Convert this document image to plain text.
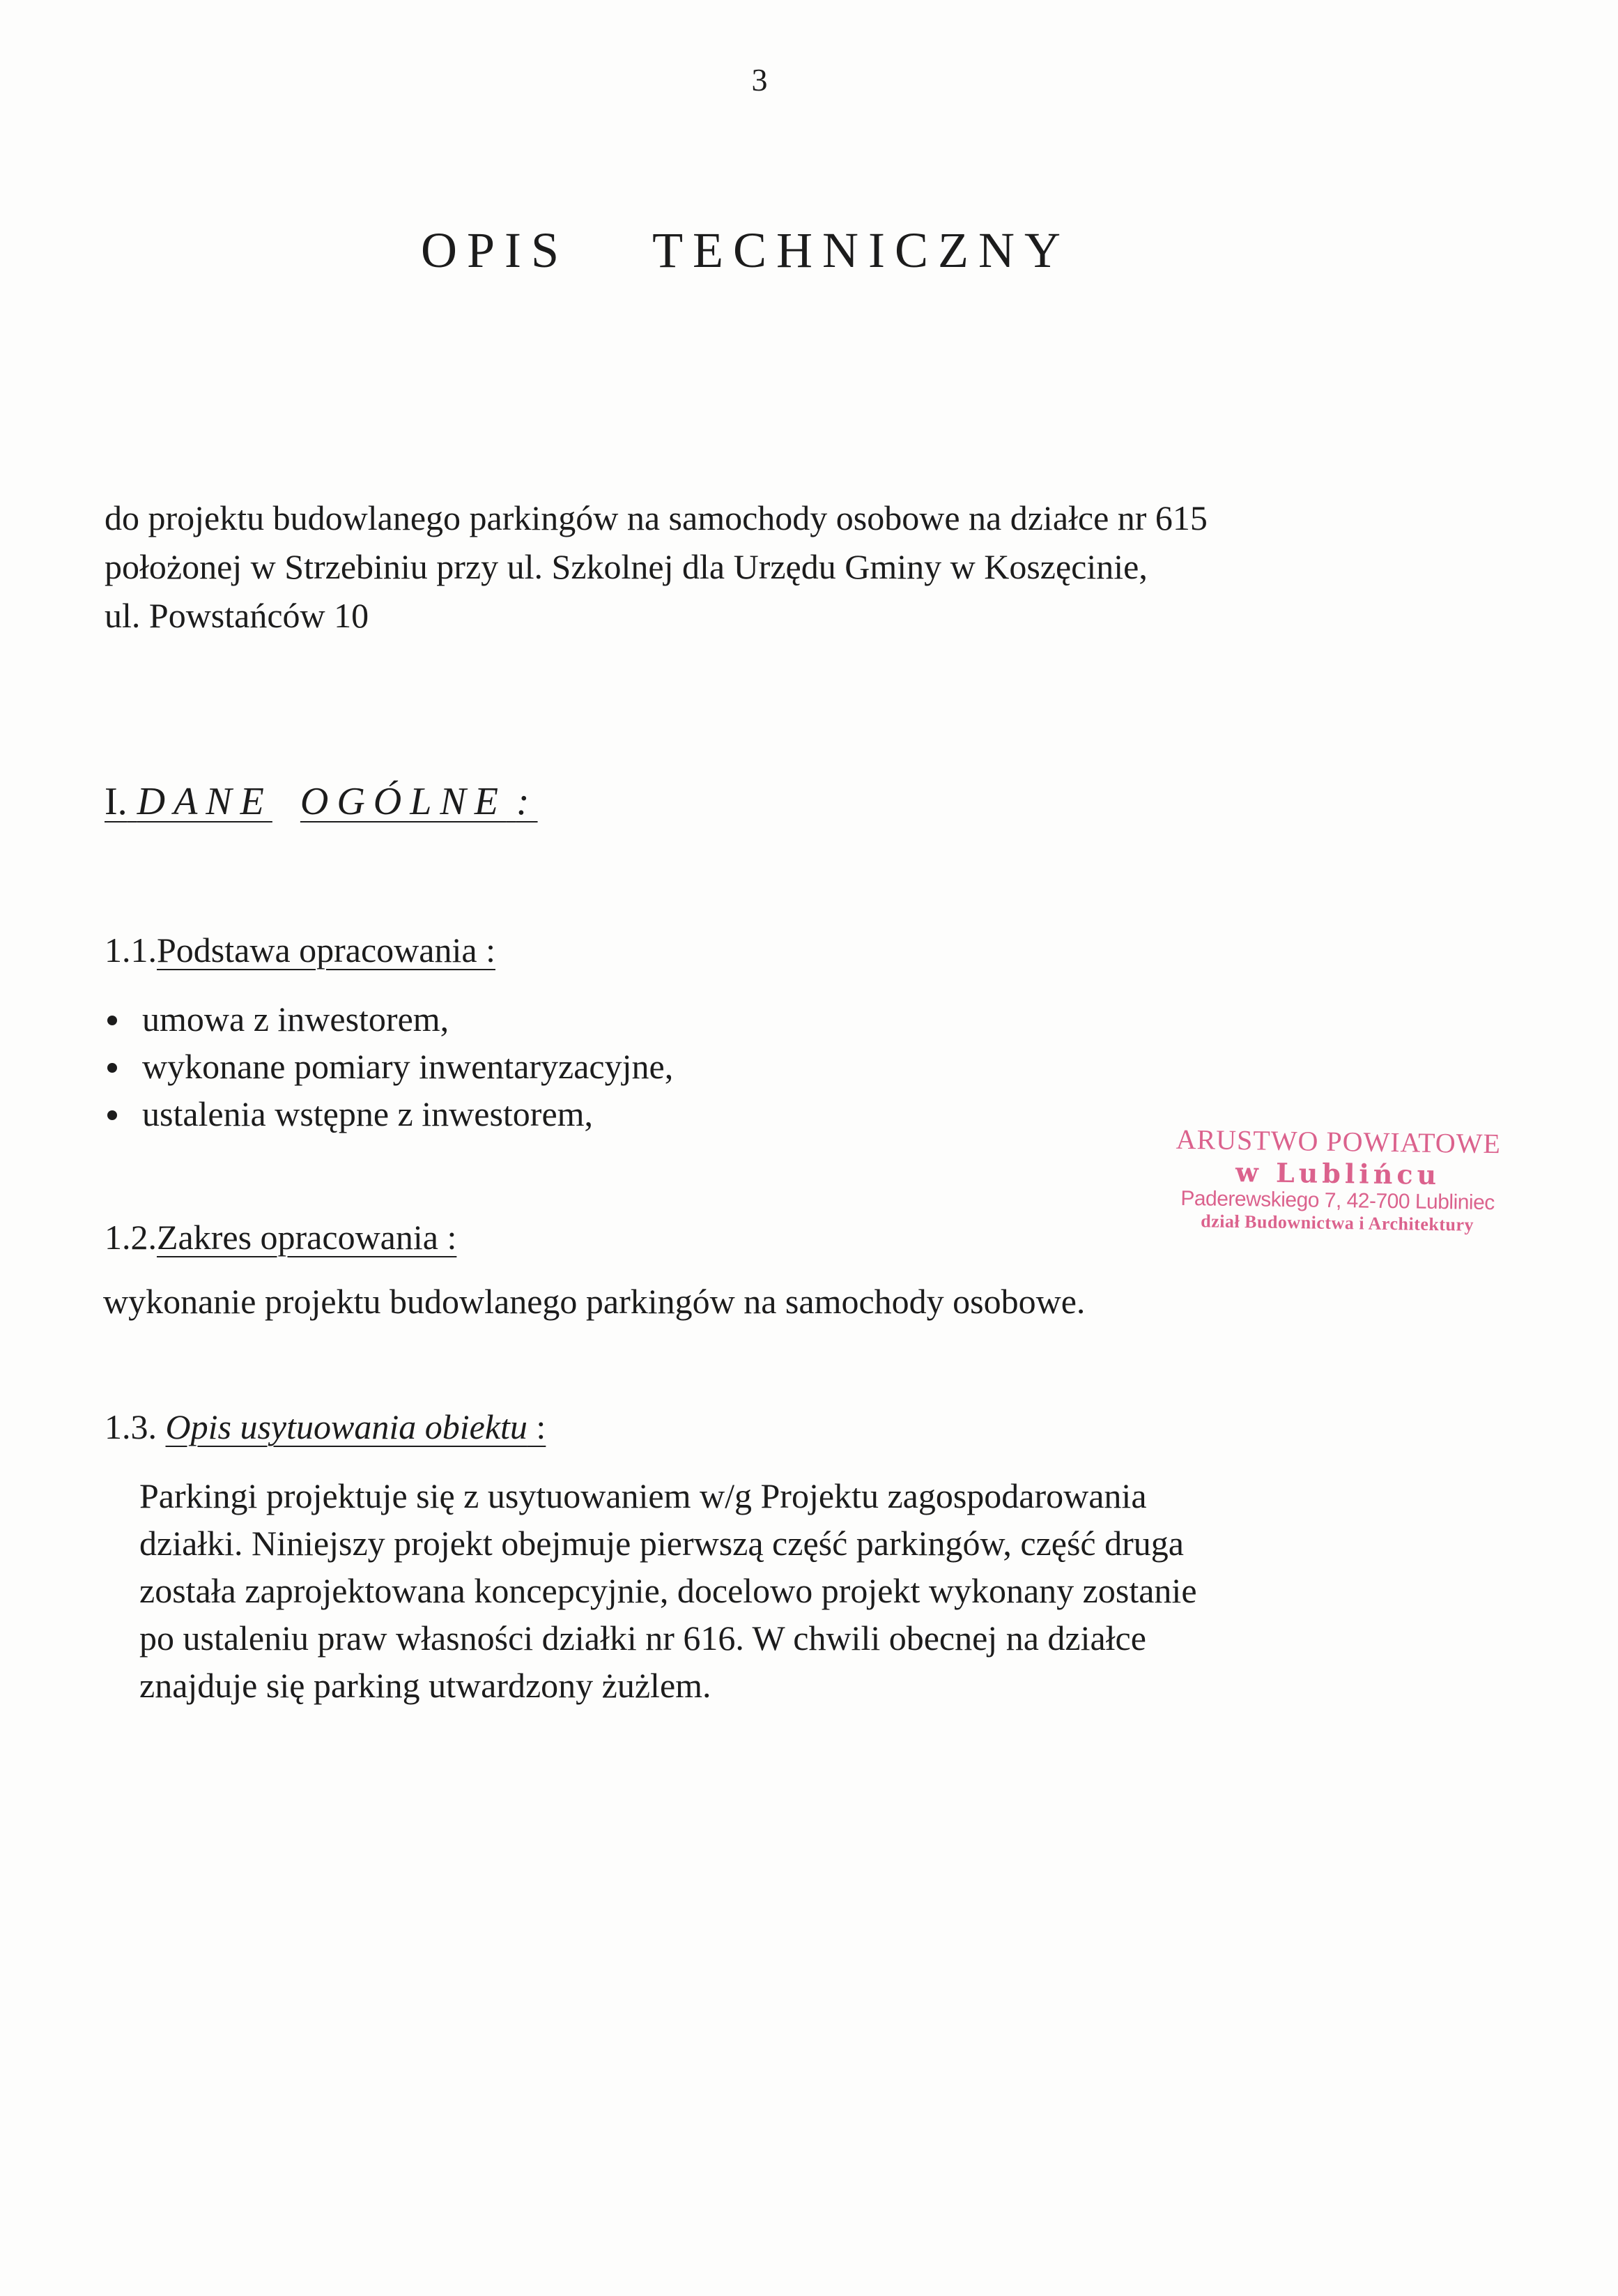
3
OPIS TECHNICZNY
do projektu budowlanego parkingów na samochody osobowe na działce nr 615
położonej w Strzebiniu przy ul. Szkolnej dla Urzędu Gminy w Koszęcinie,
ul. Powstańców 10
I. DANE OGÓLNE :
1.1.Podstawa opracowania :
umowa z inwestorem,
wykonane pomiary inwentaryzacyjne,
ustalenia wstępne z inwestorem,
ARUSTWO POWIATOWE
w Lublińcu
Paderewskiego 7, 42-700 Lubliniec
dział Budownictwa i Architektury
1.2.Zakres opracowania :
wykonanie projektu budowlanego parkingów na samochody osobowe.
1.3. Opis usytuowania obiektu :
Parkingi projektuje się z usytuowaniem w/g Projektu zagospodarowania
działki. Niniejszy projekt obejmuje pierwszą część parkingów, część druga
została zaprojektowana koncepcyjnie, docelowo projekt wykonany zostanie
po ustaleniu praw własności działki nr 616. W chwili obecnej na działce
znajduje się parking utwardzony żużlem.
